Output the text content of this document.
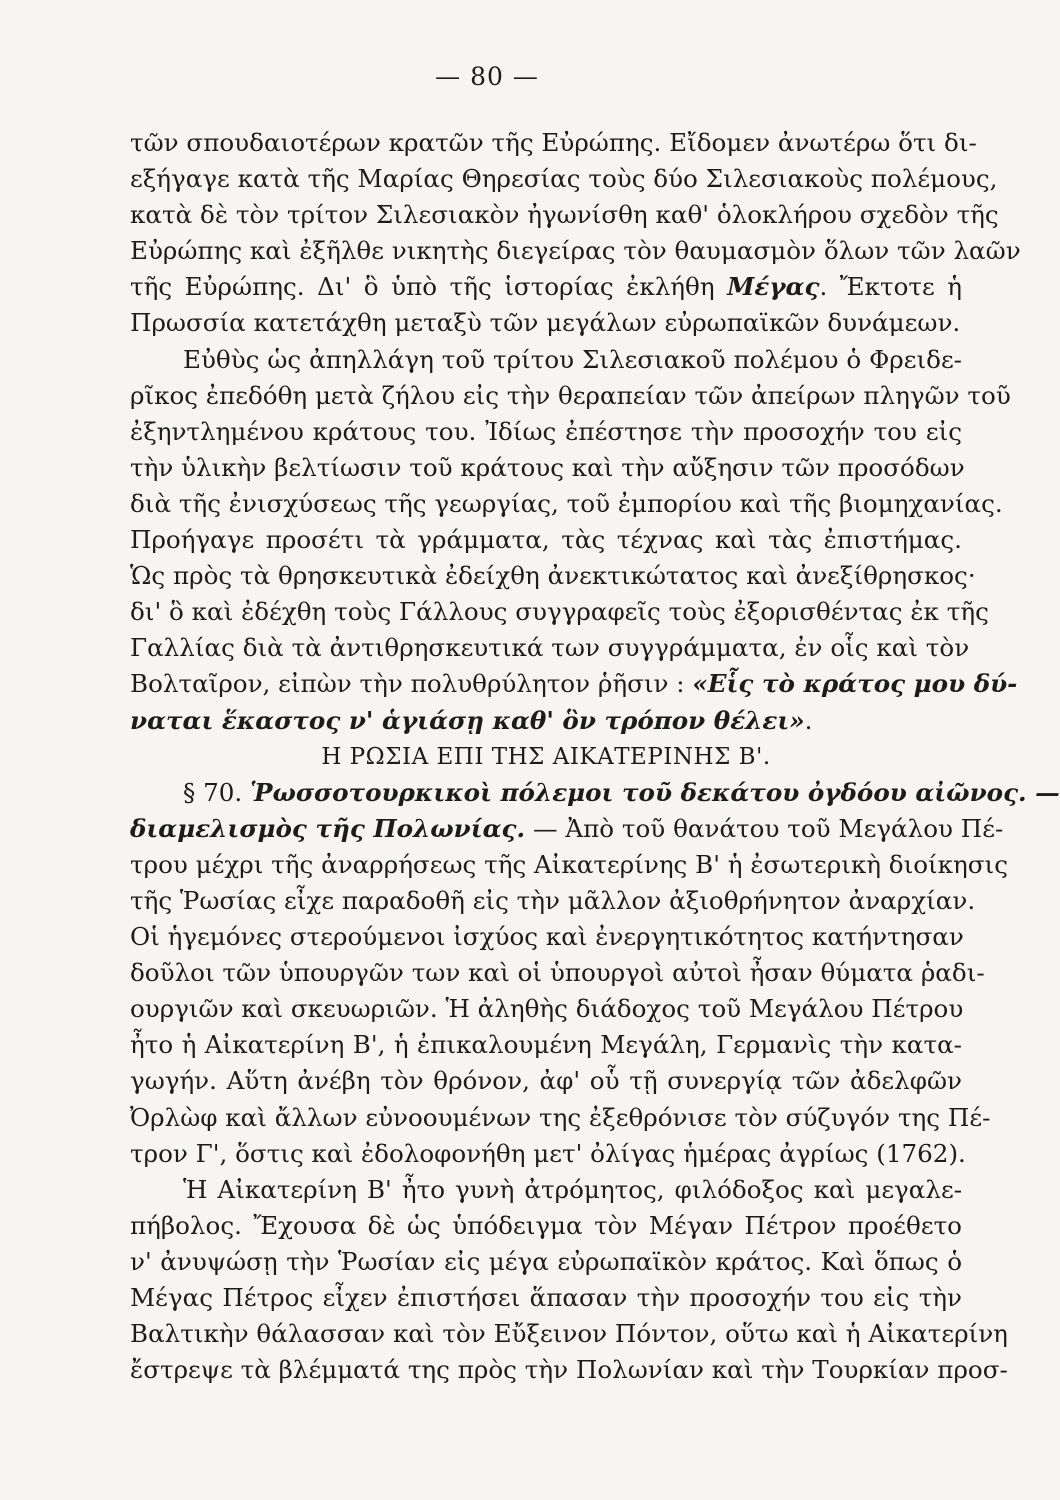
— 80 —
τῶν σπουδαιοτέρων κρατῶν τῆς Εὐρώπης. Εἴδομεν ἀνωτέρω ὅτι δι-
εξήγαγε κατὰ τῆς Μαρίας Θηρεσίας τοὺς δύο Σιλεσιακοὺς πολέμους,
κατὰ δὲ τὸν τρίτον Σιλεσιακὸν ἠγωνίσθη καθ' ὁλοκλήρου σχεδὸν τῆς
Εὐρώπης καὶ ἐξῆλθε νικητὴς διεγείρας τὸν θαυμασμὸν ὅλων τῶν λαῶν
τῆς Εὐρώπης. Δι' ὃ ὑπὸ τῆς ἱστορίας ἐκλήθη Μέγας. Ἔκτοτε ἡ
Πρωσσία κατετάχθη μεταξὺ τῶν μεγάλων εὐρωπαϊκῶν δυνάμεων.
Εὐθὺς ὡς ἀπηλλάγη τοῦ τρίτου Σιλεσιακοῦ πολέμου ὁ Φρειδε-
ρῖκος ἐπεδόθη μετὰ ζήλου εἰς τὴν θεραπείαν τῶν ἀπείρων πληγῶν τοῦ
ἐξηντλημένου κράτους του. Ἰδίως ἐπέστησε τὴν προσοχήν του εἰς
τὴν ὑλικὴν βελτίωσιν τοῦ κράτους καὶ τὴν αὔξησιν τῶν προσόδων
διὰ τῆς ἐνισχύσεως τῆς γεωργίας, τοῦ ἐμπορίου καὶ τῆς βιομηχανίας.
Προήγαγε προσέτι τὰ γράμματα, τὰς τέχνας καὶ τὰς ἐπιστήμας.
Ὡς πρὸς τὰ θρησκευτικὰ ἐδείχθη ἀνεκτικώτατος καὶ ἀνεξίθρησκος·
δι' ὃ καὶ ἐδέχθη τοὺς Γάλλους συγγραφεῖς τοὺς ἐξορισθέντας ἐκ τῆς
Γαλλίας διὰ τὰ ἀντιθρησκευτικά των συγγράμματα, ἐν οἷς καὶ τὸν
Βολταῖρον, εἰπὼν τὴν πολυθρύλητον ῥῆσιν : «Εἷς τὸ κράτος μου δύ-
ναται ἕκαστος ν' ἁγιάσῃ καθ' ὃν τρόπον θέλει».
Η ΡΩΣΙΑ ΕΠΙ ΤΗΣ ΑΙΚΑΤΕΡΙΝΗΣ Β'.
§ 70. Ῥωσσοτουρκικοὶ πόλεμοι τοῦ δεκάτου ὀγδόου αἰῶνος. —
διαμελισμὸς τῆς Πολωνίας. — Ἀπὸ τοῦ θανάτου τοῦ Μεγάλου Πέ-
τρου μέχρι τῆς ἀναρρήσεως τῆς Αἰκατερίνης Β' ἡ ἐσωτερικὴ διοίκησις
τῆς Ῥωσίας εἶχε παραδοθῆ εἰς τὴν μᾶλλον ἀξιοθρήνητον ἀναρχίαν.
Οἱ ἡγεμόνες στερούμενοι ἰσχύος καὶ ἐνεργητικότητος κατήντησαν
δοῦλοι τῶν ὑπουργῶν των καὶ οἱ ὑπουργοὶ αὐτοὶ ἦσαν θύματα ῥαδι-
ουργιῶν καὶ σκευωριῶν. Ἡ ἀληθὴς διάδοχος τοῦ Μεγάλου Πέτρου
ἦτο ἡ Αἰκατερίνη Β', ἡ ἐπικαλουμένη Μεγάλη, Γερμανὶς τὴν κατα-
γωγήν. Αὕτη ἀνέβη τὸν θρόνον, ἀφ' οὗ τῇ συνεργίᾳ τῶν ἀδελφῶν
Ὀρλὼφ καὶ ἄλλων εὐνοουμένων της ἐξεθρόνισε τὸν σύζυγόν της Πέ-
τρον Γ', ὅστις καὶ ἐδολοφονήθη μετ' ὀλίγας ἡμέρας ἀγρίως (1762).
Ἡ Αἰκατερίνη Β' ἦτο γυνὴ ἀτρόμητος, φιλόδοξος καὶ μεγαλε-
πήβολος. Ἔχουσα δὲ ὡς ὑπόδειγμα τὸν Μέγαν Πέτρον προέθετο
ν' ἀνυψώσῃ τὴν Ῥωσίαν εἰς μέγα εὐρωπαϊκὸν κράτος. Καὶ ὅπως ὁ
Μέγας Πέτρος εἶχεν ἐπιστήσει ἅπασαν τὴν προσοχήν του εἰς τὴν
Βαλτικὴν θάλασσαν καὶ τὸν Εὔξεινον Πόντον, οὕτω καὶ ἡ Αἰκατερίνη
ἔστρεψε τὰ βλέμματά της πρὸς τὴν Πολωνίαν καὶ τὴν Τουρκίαν προσ-
